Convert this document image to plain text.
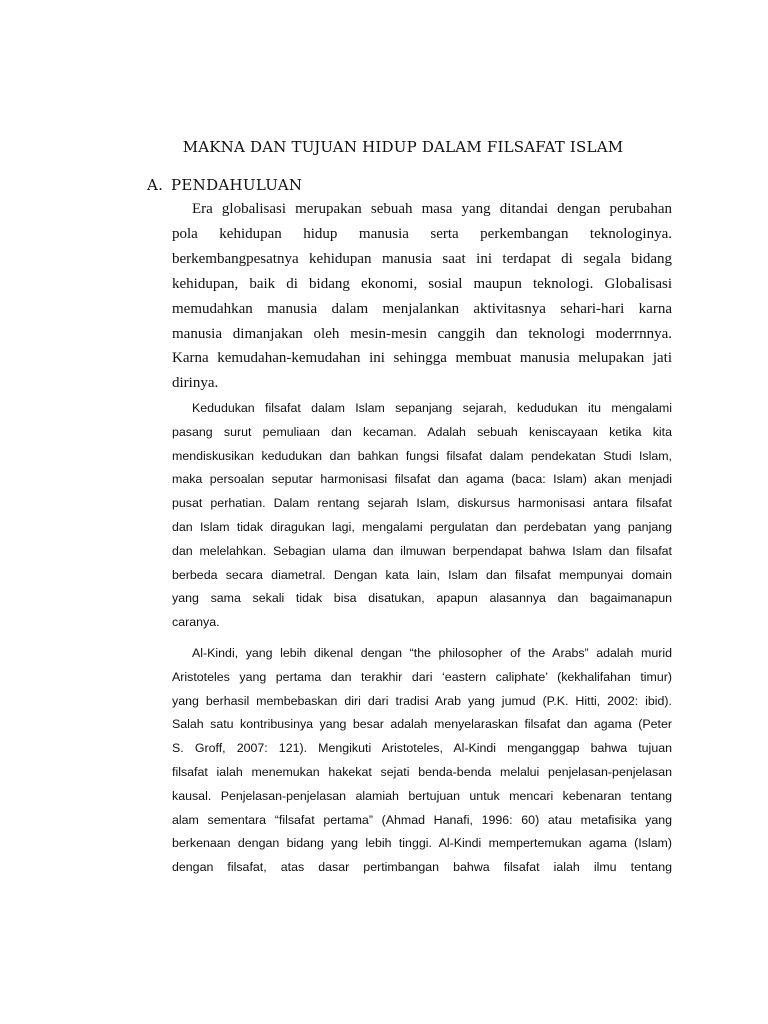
MAKNA DAN TUJUAN HIDUP DALAM FILSAFAT ISLAM
A. PENDAHULUAN
Era globalisasi merupakan sebuah masa yang ditandai dengan perubahan
pola kehidupan hidup manusia serta perkembangan teknologinya.
berkembangpesatnya kehidupan manusia saat ini terdapat di segala bidang
kehidupan, baik di bidang ekonomi, sosial maupun teknologi. Globalisasi
memudahkan manusia dalam menjalankan aktivitasnya sehari-hari karna
manusia dimanjakan oleh mesin-mesin canggih dan teknologi moderrnnya.
Karna kemudahan-kemudahan ini sehingga membuat manusia melupakan jati
dirinya.
Kedudukan filsafat dalam Islam sepanjang sejarah, kedudukan itu mengalami
pasang surut pemuliaan dan kecaman. Adalah sebuah keniscayaan ketika kita
mendiskusikan kedudukan dan bahkan fungsi filsafat dalam pendekatan Studi Islam,
maka persoalan seputar harmonisasi filsafat dan agama (baca: Islam) akan menjadi
pusat perhatian. Dalam rentang sejarah Islam, diskursus harmonisasi antara filsafat
dan Islam tidak diragukan lagi, mengalami pergulatan dan perdebatan yang panjang
dan melelahkan. Sebagian ulama dan ilmuwan berpendapat bahwa Islam dan filsafat
berbeda secara diametral. Dengan kata lain, Islam dan filsafat mempunyai domain
yang sama sekali tidak bisa disatukan, apapun alasannya dan bagaimanapun
caranya.
Al-Kindi, yang lebih dikenal dengan “the philosopher of the Arabs” adalah murid
Aristoteles yang pertama dan terakhir dari ‘eastern caliphate’ (kekhalifahan timur)
yang berhasil membebaskan diri dari tradisi Arab yang jumud (P.K. Hitti, 2002: ibid).
Salah satu kontribusinya yang besar adalah menyelaraskan filsafat dan agama (Peter
S. Groff, 2007: 121). Mengikuti Aristoteles, Al-Kindi menganggap bahwa tujuan
filsafat ialah menemukan hakekat sejati benda-benda melalui penjelasan-penjelasan
kausal. Penjelasan-penjelasan alamiah bertujuan untuk mencari kebenaran tentang
alam sementara “filsafat pertama” (Ahmad Hanafi, 1996: 60) atau metafisika yang
berkenaan dengan bidang yang lebih tinggi. Al-Kindi mempertemukan agama (Islam)
dengan filsafat, atas dasar pertimbangan bahwa filsafat ialah ilmu tentang
